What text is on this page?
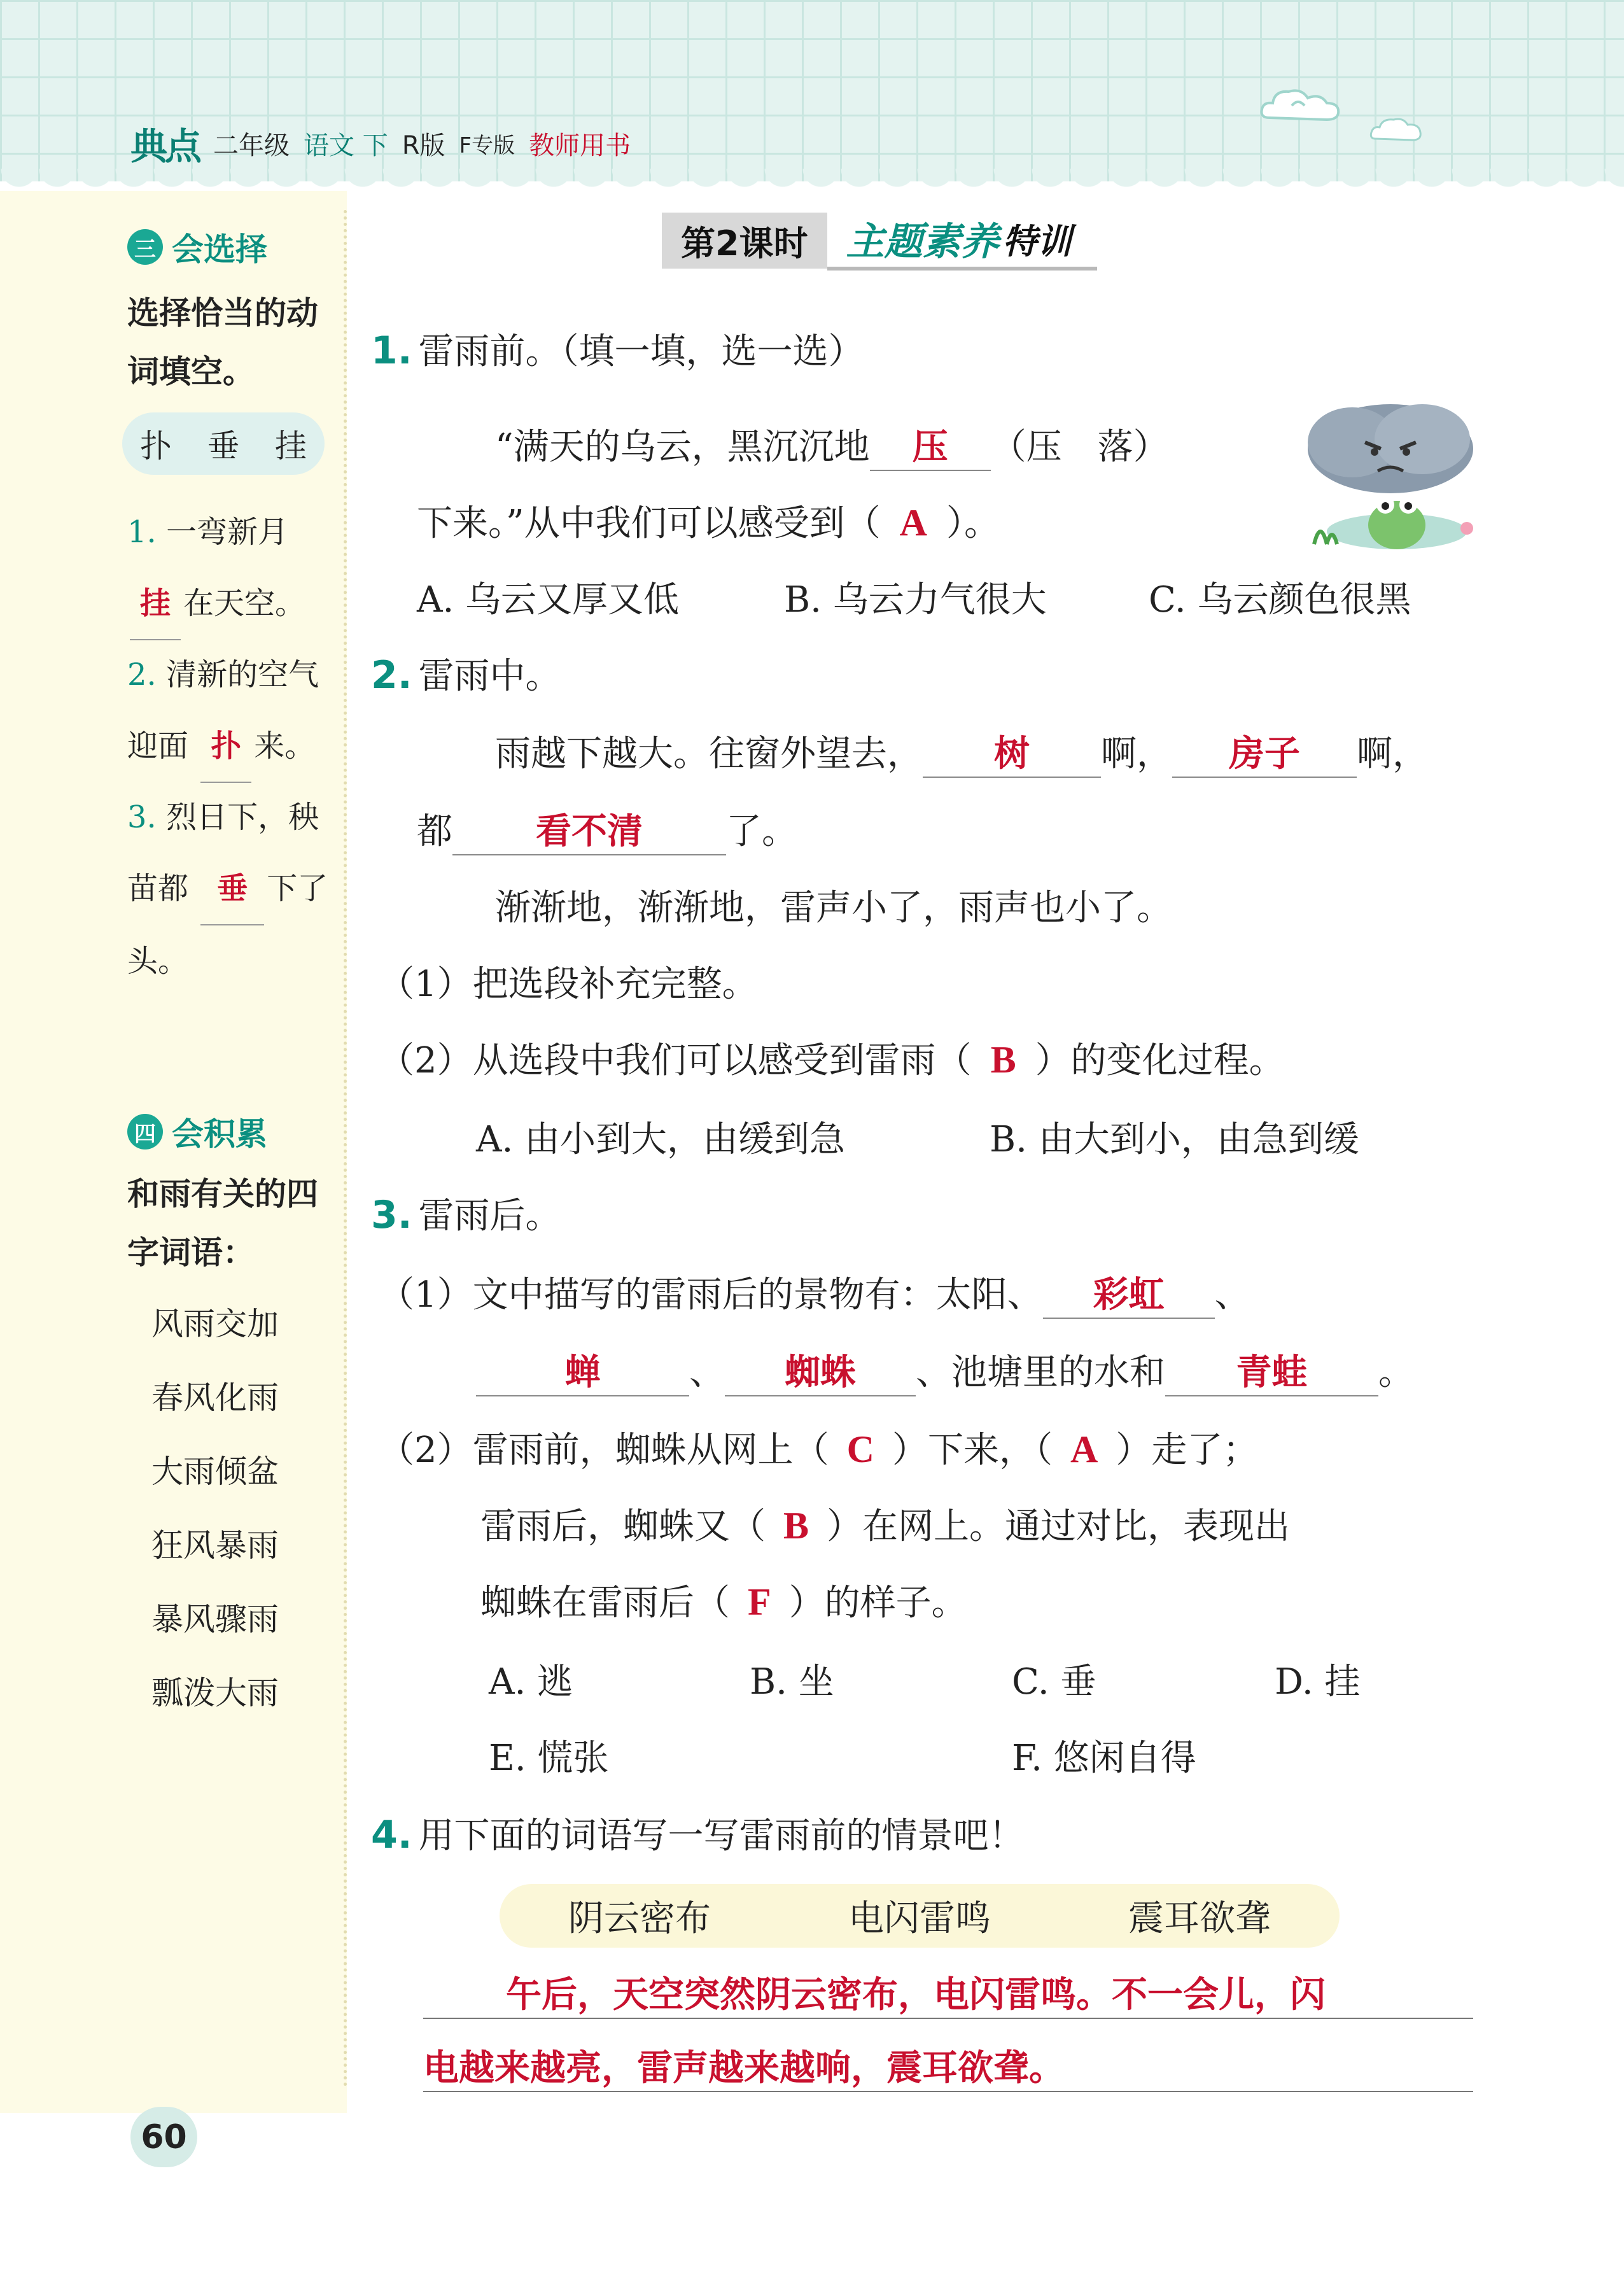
典点 二年级 语文 下 R版 F专版 教师用书
三 会选择
选择恰当的动词填空。
扑 垂 挂
1. 一弯新月
挂 在天空。
2. 清新的空气迎面 扑 来。
3. 烈日下，秧苗都 垂 下了头。
四 会积累
和雨有关的四字词语：
风雨交加
春风化雨
大雨倾盆
狂风暴雨
暴风骤雨
瓢泼大雨
第2课时	主题素养 特训
1. 雷雨前。（填一填，选一选）
“满天的乌云，黑沉沉地 压 （压　落）
下来。”从中我们可以感受到（ A ）。
A. 乌云又厚又低	B. 乌云力气很大	C. 乌云颜色很黑
2. 雷雨中。
雨越下越大。往窗外望去， 树 啊， 房子 啊，
都 看不清 了。
渐渐地，渐渐地，雷声小了，雨声也小了。
（1）把选段补充完整。
（2）从选段中我们可以感受到雷雨（ B ）的变化过程。
A. 由小到大，由缓到急	B. 由大到小，由急到缓
3. 雷雨后。
（1）文中描写的雷雨后的景物有：太阳、 彩虹 、
蝉 、 蜘蛛 、池塘里的水和 青蛙 。
（2）雷雨前，蜘蛛从网上（ C ）下来，（ A ）走了；
雷雨后，蜘蛛又（ B ）在网上。通过对比，表现出
蜘蛛在雷雨后（ F ）的样子。
A. 逃	B. 坐	C. 垂	D. 挂
E. 慌张	F. 悠闲自得
4. 用下面的词语写一写雷雨前的情景吧！
阴云密布	电闪雷鸣	震耳欲聋
午后，天空突然阴云密布，电闪雷鸣。不一会儿，闪
电越来越亮，雷声越来越响，震耳欲聋。
60
